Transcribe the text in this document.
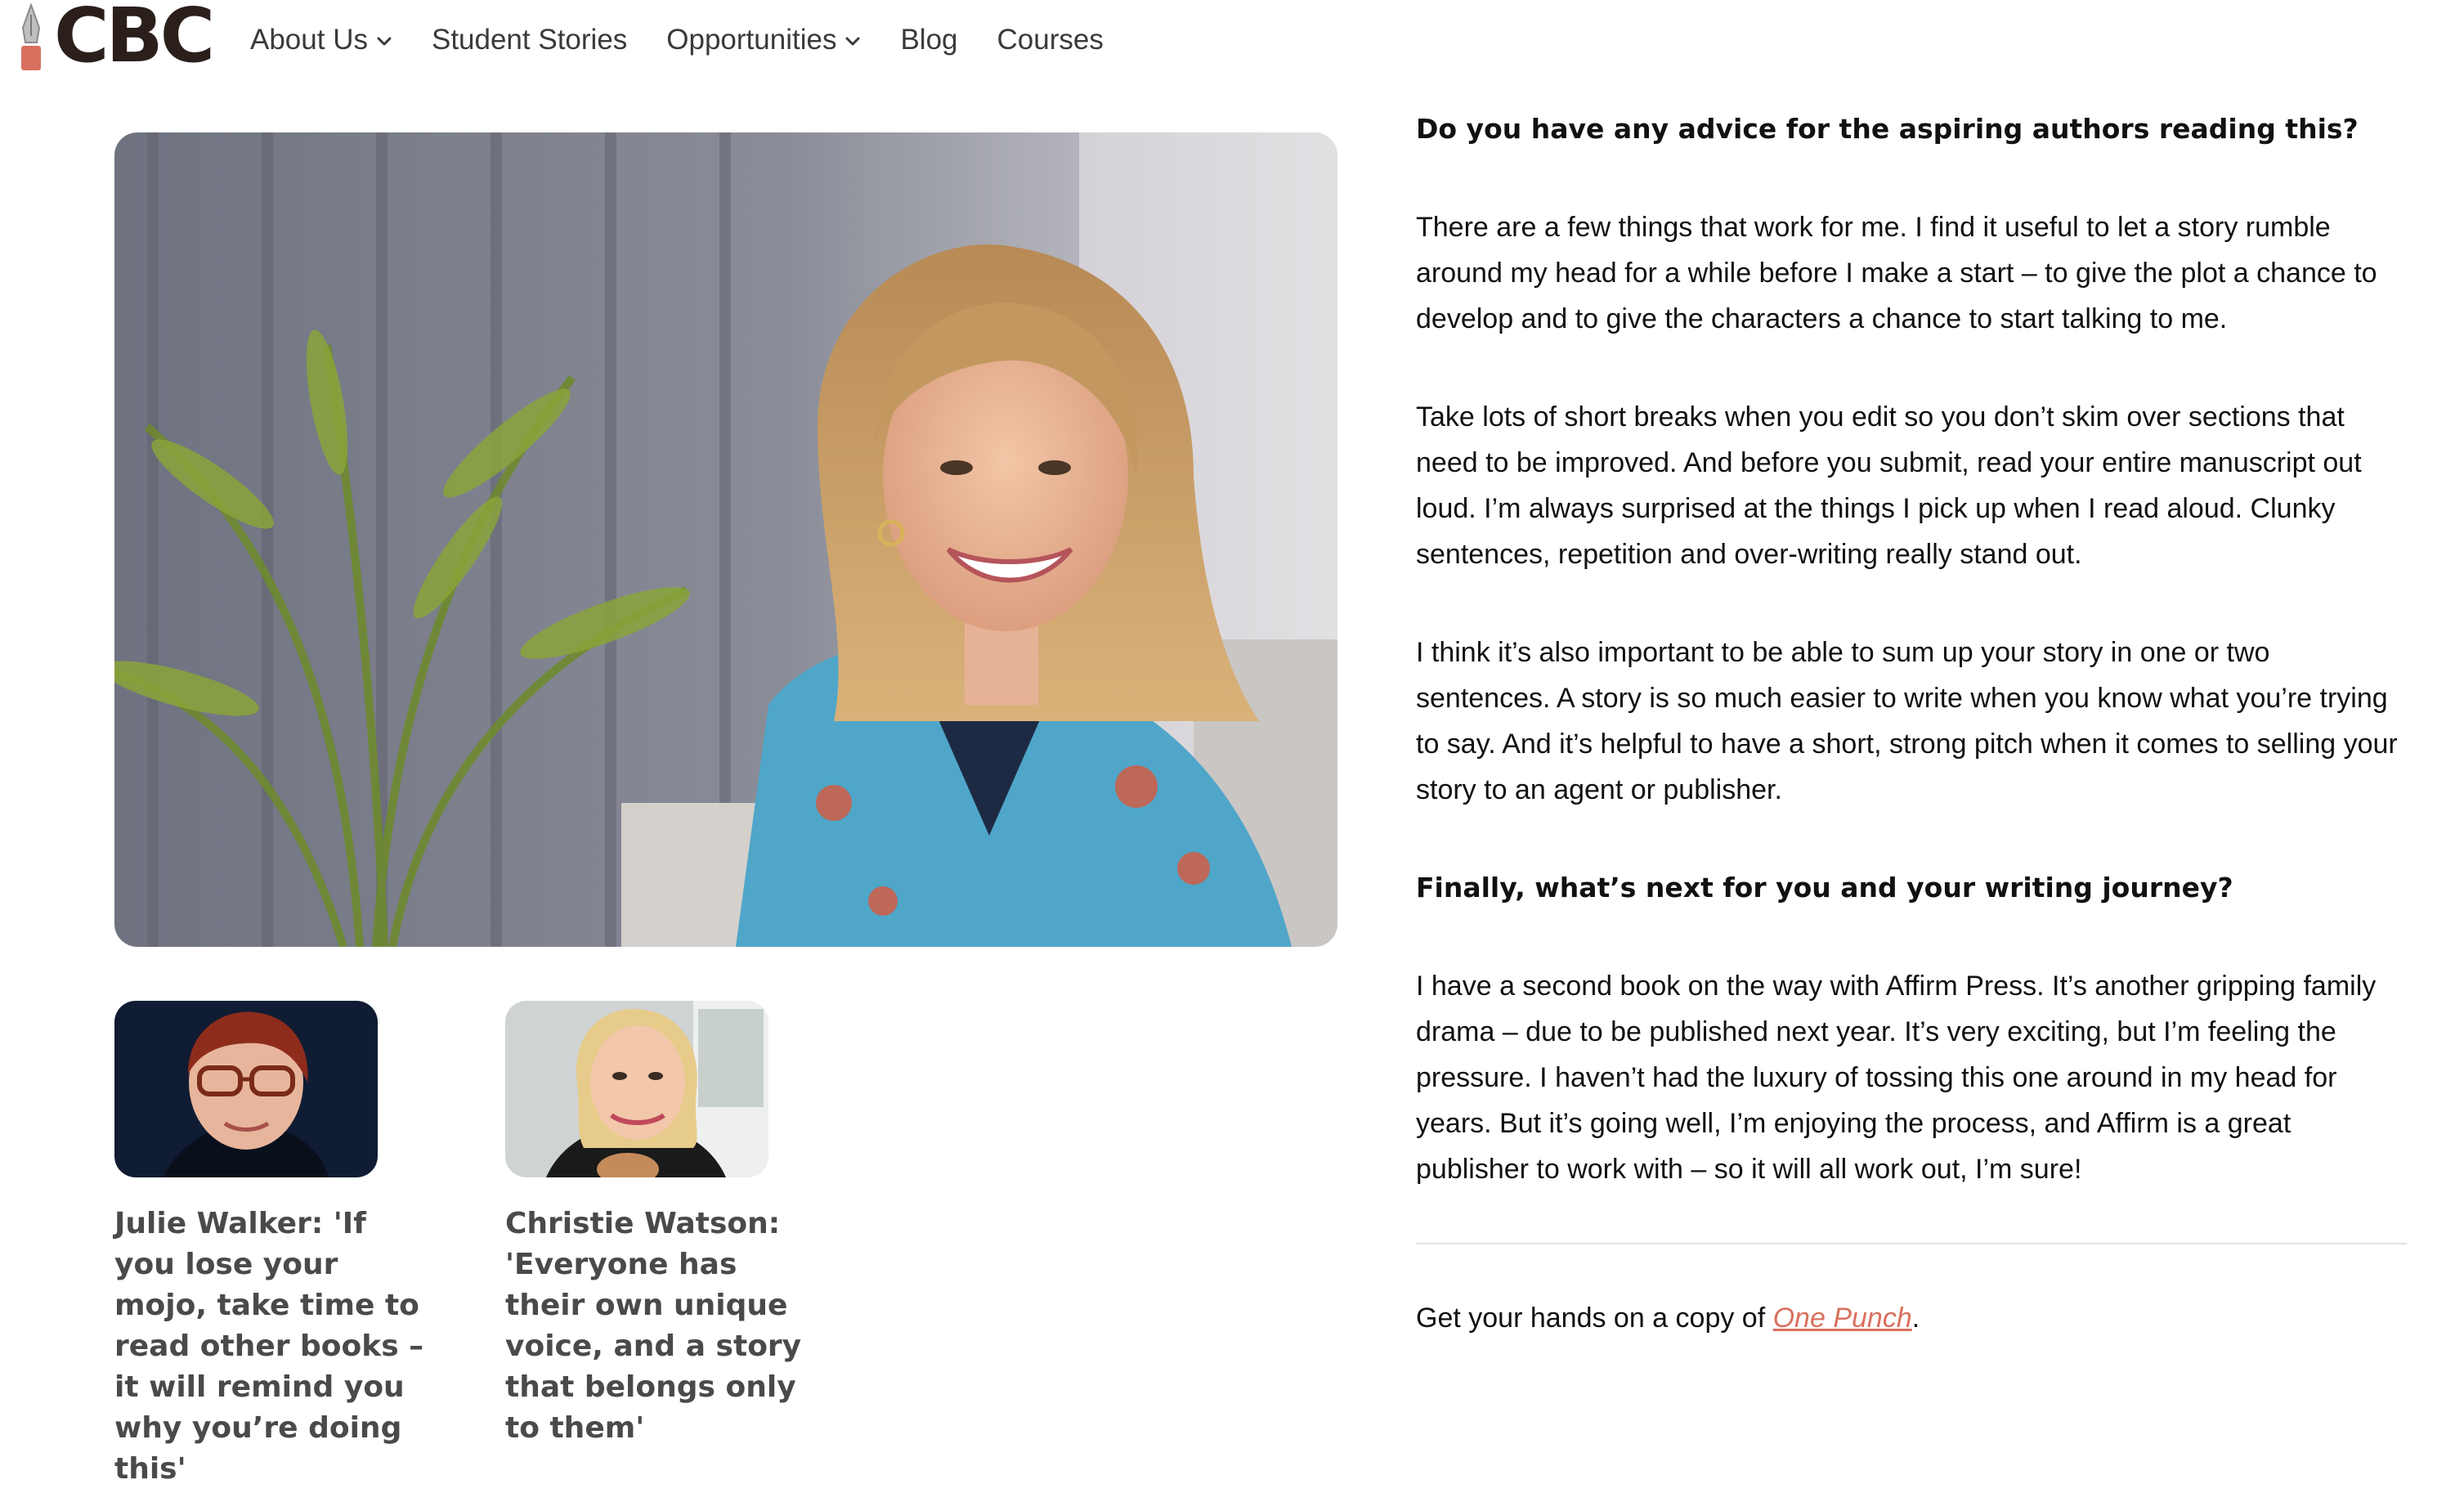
CBC About Us Student Stories Opportunities Blog Courses
Julie Walker: 'If you lose your mojo, take time to read other books – it will remind you why you’re doing this'
Christie Watson: 'Everyone has their own unique voice, and a story that belongs only to them'

Do you have any advice for the aspiring authors reading this?

There are a few things that work for me. I find it useful to let a story rumble around my head for a while before I make a start – to give the plot a chance to develop and to give the characters a chance to start talking to me.

Take lots of short breaks when you edit so you don’t skim over sections that need to be improved. And before you submit, read your entire manuscript out loud. I’m always surprised at the things I pick up when I read aloud. Clunky sentences, repetition and over-writing really stand out.

I think it’s also important to be able to sum up your story in one or two sentences. A story is so much easier to write when you know what you’re trying to say. And it’s helpful to have a short, strong pitch when it comes to selling your story to an agent or publisher.

Finally, what’s next for you and your writing journey?

I have a second book on the way with Affirm Press. It’s another gripping family drama – due to be published next year. It’s very exciting, but I’m feeling the pressure. I haven’t had the luxury of tossing this one around in my head for years. But it’s going well, I’m enjoying the process, and Affirm is a great publisher to work with – so it will all work out, I’m sure!

Get your hands on a copy of One Punch.
